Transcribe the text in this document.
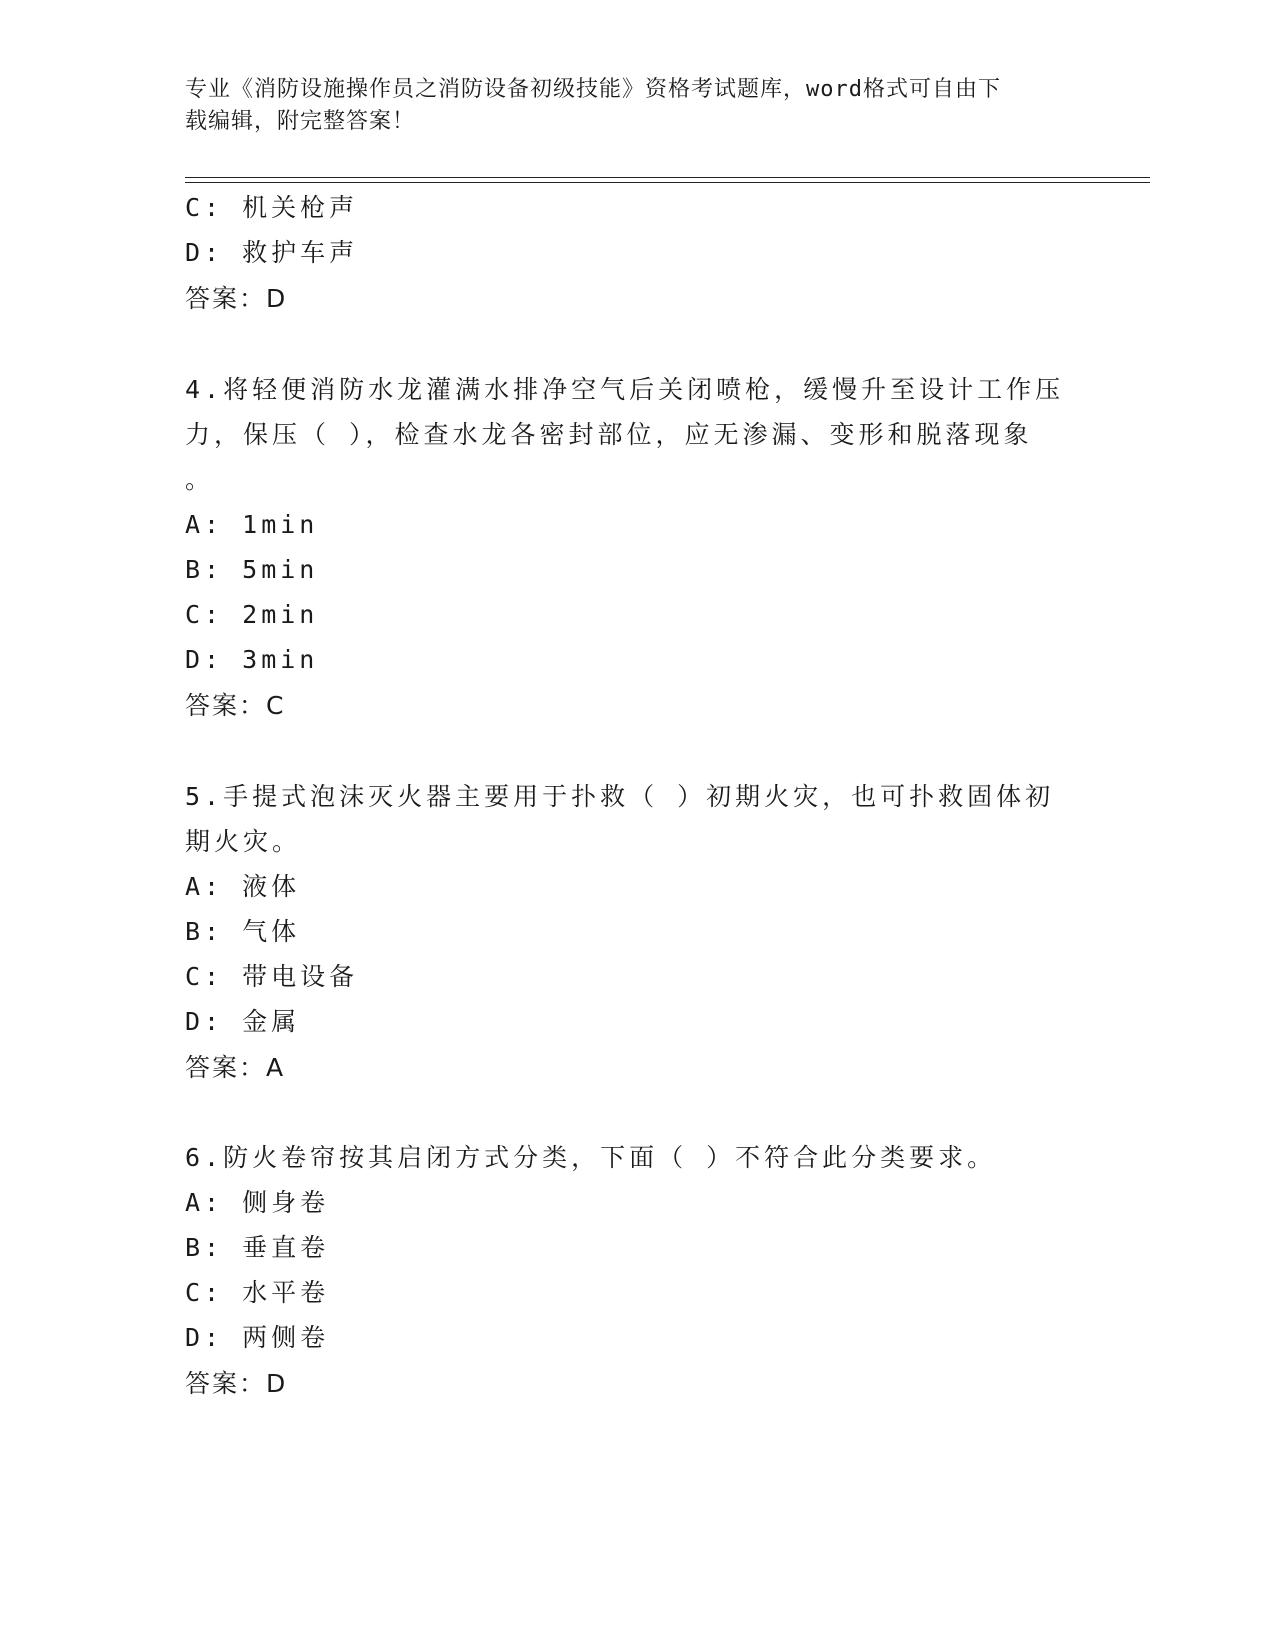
专业《消防设施操作员之消防设备初级技能》资格考试题库，word格式可自由下
载编辑，附完整答案！
C: 机关枪声
D: 救护车声
答案：D
4.将轻便消防水龙灌满水排净空气后关闭喷枪，缓慢升至设计工作压
力，保压（ ），检查水龙各密封部位，应无渗漏、变形和脱落现象
。
A: 1min
B: 5min
C: 2min
D: 3min
答案：C
5.手提式泡沫灭火器主要用于扑救（ ）初期火灾，也可扑救固体初
期火灾。
A: 液体
B: 气体
C: 带电设备
D: 金属
答案：A
6.防火卷帘按其启闭方式分类，下面（ ）不符合此分类要求。
A: 侧身卷
B: 垂直卷
C: 水平卷
D: 两侧卷
答案：D
